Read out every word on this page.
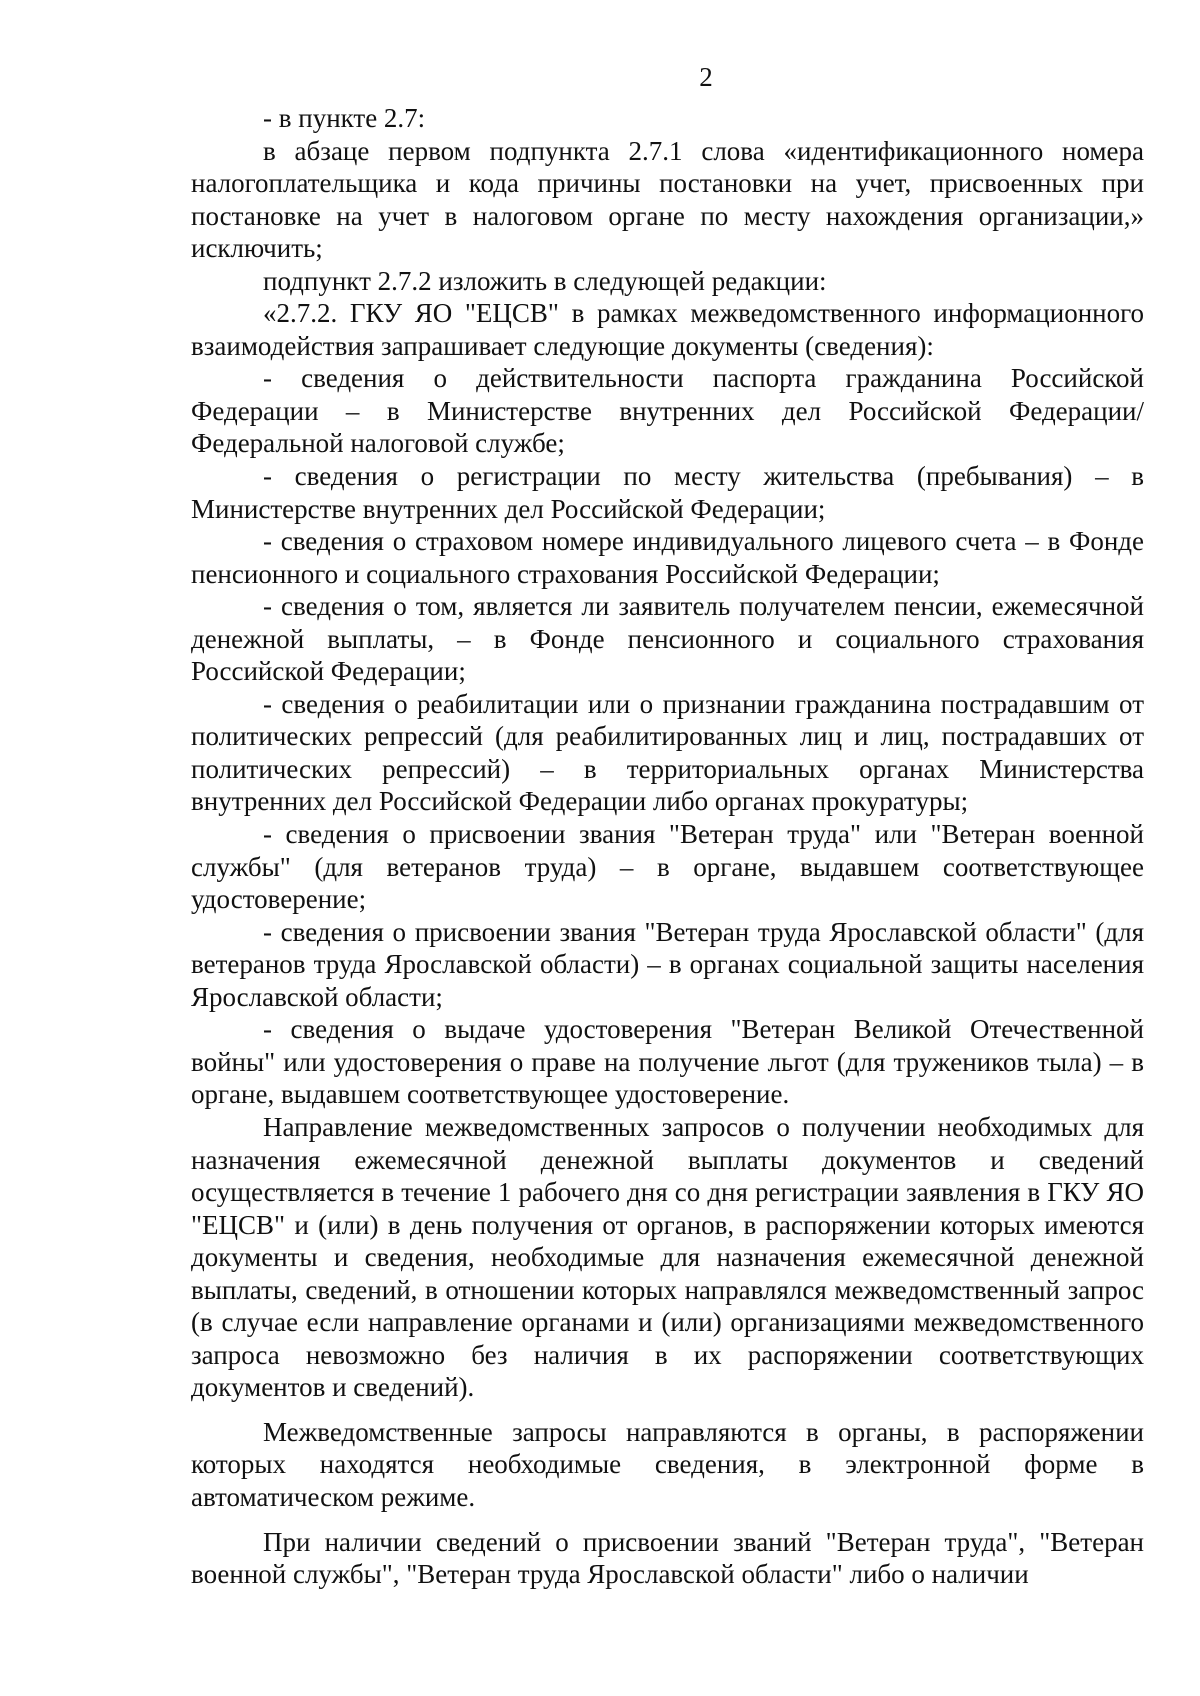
2

- в пункте 2.7:

в абзаце первом подпункта 2.7.1 слова «идентификационного номера налогоплательщика и кода причины постановки на учет, присвоенных при постановке на учет в налоговом органе по месту нахождения организации,» исключить;

подпункт 2.7.2 изложить в следующей редакции:

«2.7.2. ГКУ ЯО "ЕЦСВ" в рамках межведомственного информационного взаимодействия запрашивает следующие документы (сведения):

- сведения о действительности паспорта гражданина Российской Федерации – в Министерстве внутренних дел Российской Федерации/ Федеральной налоговой службе;

- сведения о регистрации по месту жительства (пребывания) – в Министерстве внутренних дел Российской Федерации;

- сведения о страховом номере индивидуального лицевого счета – в Фонде пенсионного и социального страхования Российской Федерации;

- сведения о том, является ли заявитель получателем пенсии, ежемесячной денежной выплаты, – в Фонде пенсионного и социального страхования Российской Федерации;

- сведения о реабилитации или о признании гражданина пострадавшим от политических репрессий (для реабилитированных лиц и лиц, пострадавших от политических репрессий) – в территориальных органах Министерства внутренних дел Российской Федерации либо органах прокуратуры;

- сведения о присвоении звания "Ветеран труда" или "Ветеран военной службы" (для ветеранов труда) – в органе, выдавшем соответствующее удостоверение;

- сведения о присвоении звания "Ветеран труда Ярославской области" (для ветеранов труда Ярославской области) – в органах социальной защиты населения Ярославской области;

- сведения о выдаче удостоверения "Ветеран Великой Отечественной войны" или удостоверения о праве на получение льгот (для тружеников тыла) – в органе, выдавшем соответствующее удостоверение.

Направление межведомственных запросов о получении необходимых для назначения ежемесячной денежной выплаты документов и сведений осуществляется в течение 1 рабочего дня со дня регистрации заявления в ГКУ ЯО "ЕЦСВ" и (или) в день получения от органов, в распоряжении которых имеются документы и сведения, необходимые для назначения ежемесячной денежной выплаты, сведений, в отношении которых направлялся межведомственный запрос (в случае если направление органами и (или) организациями межведомственного запроса невозможно без наличия в их распоряжении соответствующих документов и сведений).

Межведомственные запросы направляются в органы, в распоряжении которых находятся необходимые сведения, в электронной форме в автоматическом режиме.

При наличии сведений о присвоении званий "Ветеран труда", "Ветеран военной службы", "Ветеран труда Ярославской области" либо о наличии
